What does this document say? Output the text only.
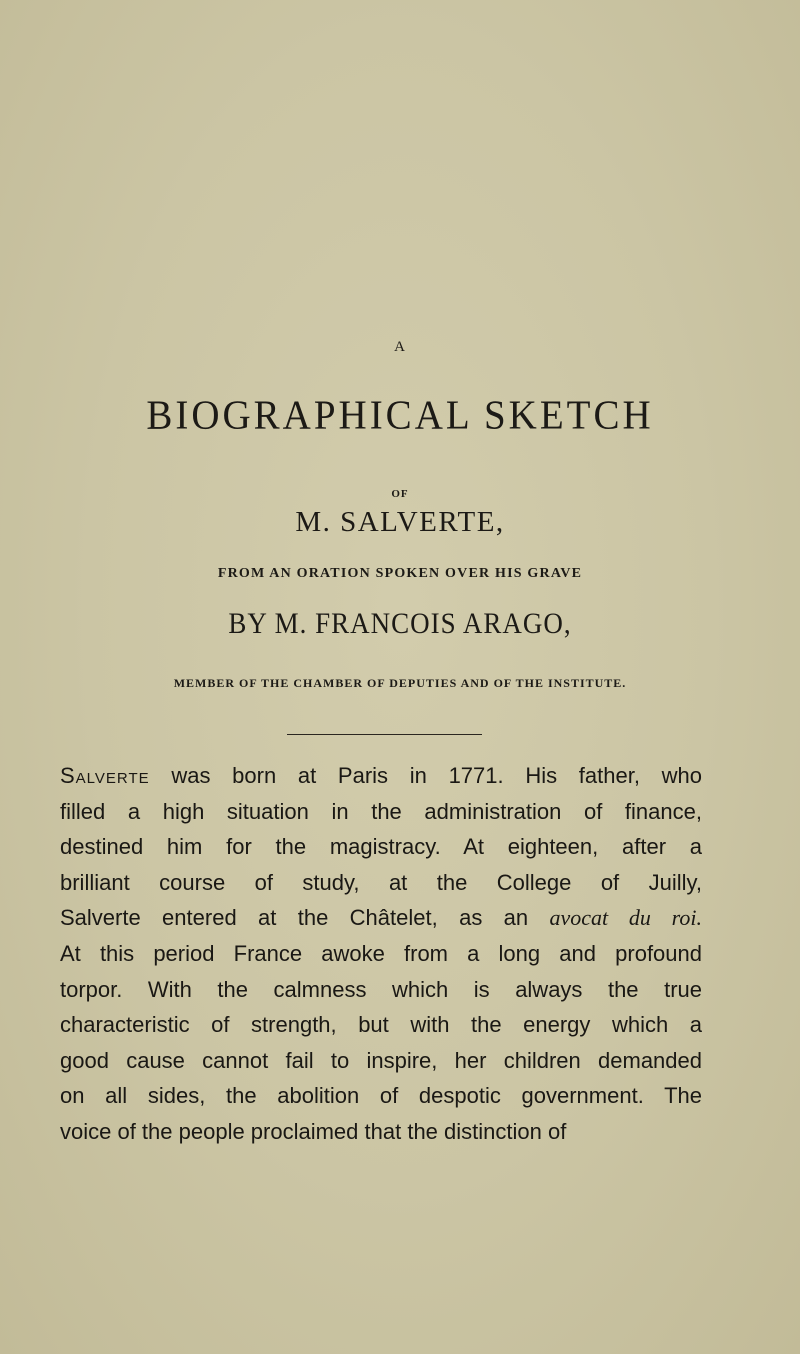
A
BIOGRAPHICAL SKETCH
OF
M. SALVERTE,
FROM AN ORATION SPOKEN OVER HIS GRAVE
BY M. FRANCOIS ARAGO,
MEMBER OF THE CHAMBER OF DEPUTIES AND OF THE INSTITUTE.
Salverte was born at Paris in 1771. His father, who
filled a high situation in the administration of finance,
destined him for the magistracy. At eighteen, after a
brilliant course of study, at the College of Juilly,
Salverte entered at the Châtelet, as an avocat du roi.
At this period France awoke from a long and profound
torpor. With the calmness which is always the true
characteristic of strength, but with the energy which a
good cause cannot fail to inspire, her children demanded
on all sides, the abolition of despotic government. The
voice of the people proclaimed that the distinction of
